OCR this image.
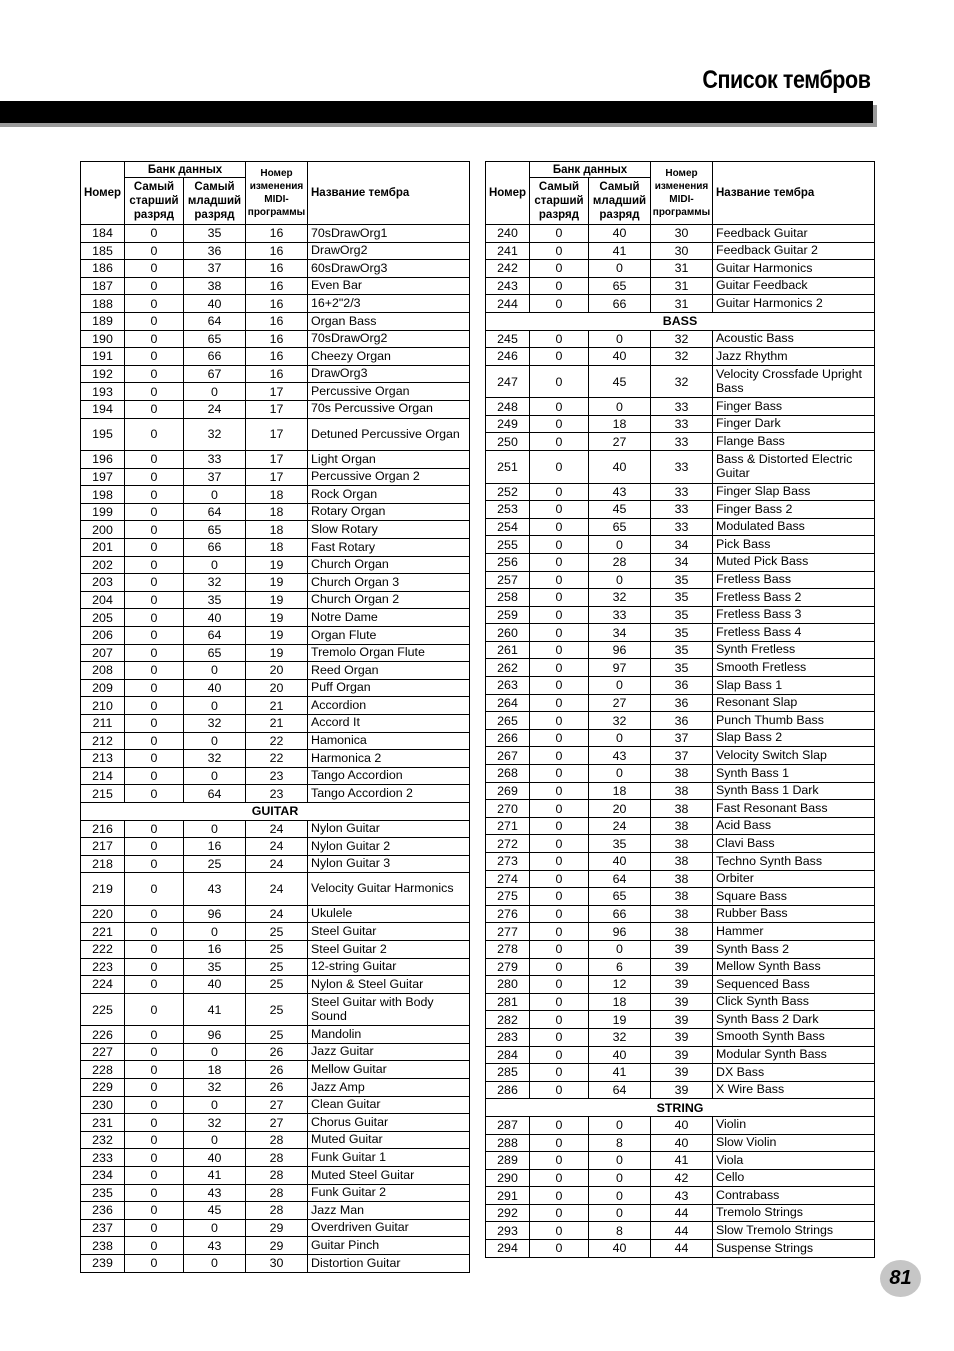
Список тембров
Номер	Банк данных		Номер изменения MIDI-программы	Название тембра
	Самый старший разряд	Самый младший разряд		
184	0	35	16	70sDrawOrg1
185	0	36	16	DrawOrg2
186	0	37	16	60sDrawOrg3
187	0	38	16	Even Bar
188	0	40	16	16+2"2/3
189	0	64	16	Organ Bass
190	0	65	16	70sDrawOrg2
191	0	66	16	Cheezy Organ
192	0	67	16	DrawOrg3
193	0	0	17	Percussive Organ
194	0	24	17	70s Percussive Organ
195	0	32	17	Detuned Percussive Organ
196	0	33	17	Light Organ
197	0	37	17	Percussive Organ 2
198	0	0	18	Rock Organ
199	0	64	18	Rotary Organ
200	0	65	18	Slow Rotary
201	0	66	18	Fast Rotary
202	0	0	19	Church Organ
203	0	32	19	Church Organ 3
204	0	35	19	Church Organ 2
205	0	40	19	Notre Dame
206	0	64	19	Organ Flute
207	0	65	19	Tremolo Organ Flute
208	0	0	20	Reed Organ
209	0	40	20	Puff Organ
210	0	0	21	Accordion
211	0	32	21	Accord It
212	0	0	22	Hamonica
213	0	32	22	Harmonica 2
214	0	0	23	Tango Accordion
215	0	64	23	Tango Accordion 2
GUITAR				
216	0	0	24	Nylon Guitar
217	0	16	24	Nylon Guitar 2
218	0	25	24	Nylon Guitar 3
219	0	43	24	Velocity Guitar Harmonics
220	0	96	24	Ukulele
221	0	0	25	Steel Guitar
222	0	16	25	Steel Guitar 2
223	0	35	25	12-string Guitar
224	0	40	25	Nylon & Steel Guitar
225	0	41	25	Steel Guitar with Body Sound
226	0	96	25	Mandolin
227	0	0	26	Jazz Guitar
228	0	18	26	Mellow Guitar
229	0	32	26	Jazz Amp
230	0	0	27	Clean Guitar
231	0	32	27	Chorus Guitar
232	0	0	28	Muted Guitar
233	0	40	28	Funk Guitar 1
234	0	41	28	Muted Steel Guitar
235	0	43	28	Funk Guitar 2
236	0	45	28	Jazz Man
237	0	0	29	Overdriven Guitar
238	0	43	29	Guitar Pinch
239	0	0	30	Distortion Guitar
Номер	Банк данных		Номер изменения MIDI-программы	Название тембра
	Самый старший разряд	Самый младший разряд		
240	0	40	30	Feedback Guitar
241	0	41	30	Feedback Guitar 2
242	0	0	31	Guitar Harmonics
243	0	65	31	Guitar Feedback
244	0	66	31	Guitar Harmonics 2
BASS				
245	0	0	32	Acoustic Bass
246	0	40	32	Jazz Rhythm
247	0	45	32	Velocity Crossfade Upright Bass
248	0	0	33	Finger Bass
249	0	18	33	Finger Dark
250	0	27	33	Flange Bass
251	0	40	33	Bass & Distorted Electric Guitar
252	0	43	33	Finger Slap Bass
253	0	45	33	Finger Bass 2
254	0	65	33	Modulated Bass
255	0	0	34	Pick Bass
256	0	28	34	Muted Pick Bass
257	0	0	35	Fretless Bass
258	0	32	35	Fretless Bass 2
259	0	33	35	Fretless Bass 3
260	0	34	35	Fretless Bass 4
261	0	96	35	Synth Fretless
262	0	97	35	Smooth Fretless
263	0	0	36	Slap Bass 1
264	0	27	36	Resonant Slap
265	0	32	36	Punch Thumb Bass
266	0	0	37	Slap Bass 2
267	0	43	37	Velocity Switch Slap
268	0	0	38	Synth Bass 1
269	0	18	38	Synth Bass 1 Dark
270	0	20	38	Fast Resonant Bass
271	0	24	38	Acid Bass
272	0	35	38	Clavi Bass
273	0	40	38	Techno Synth Bass
274	0	64	38	Orbiter
275	0	65	38	Square Bass
276	0	66	38	Rubber Bass
277	0	96	38	Hammer
278	0	0	39	Synth Bass 2
279	0	6	39	Mellow Synth Bass
280	0	12	39	Sequenced Bass
281	0	18	39	Click Synth Bass
282	0	19	39	Synth Bass 2 Dark
283	0	32	39	Smooth Synth Bass
284	0	40	39	Modular Synth Bass
285	0	41	39	DX Bass
286	0	64	39	X Wire Bass
STRING				
287	0	0	40	Violin
288	0	8	40	Slow Violin
289	0	0	41	Viola
290	0	0	42	Cello
291	0	0	43	Contrabass
292	0	0	44	Tremolo Strings
293	0	8	44	Slow Tremolo Strings
294	0	40	44	Suspense Strings
81
